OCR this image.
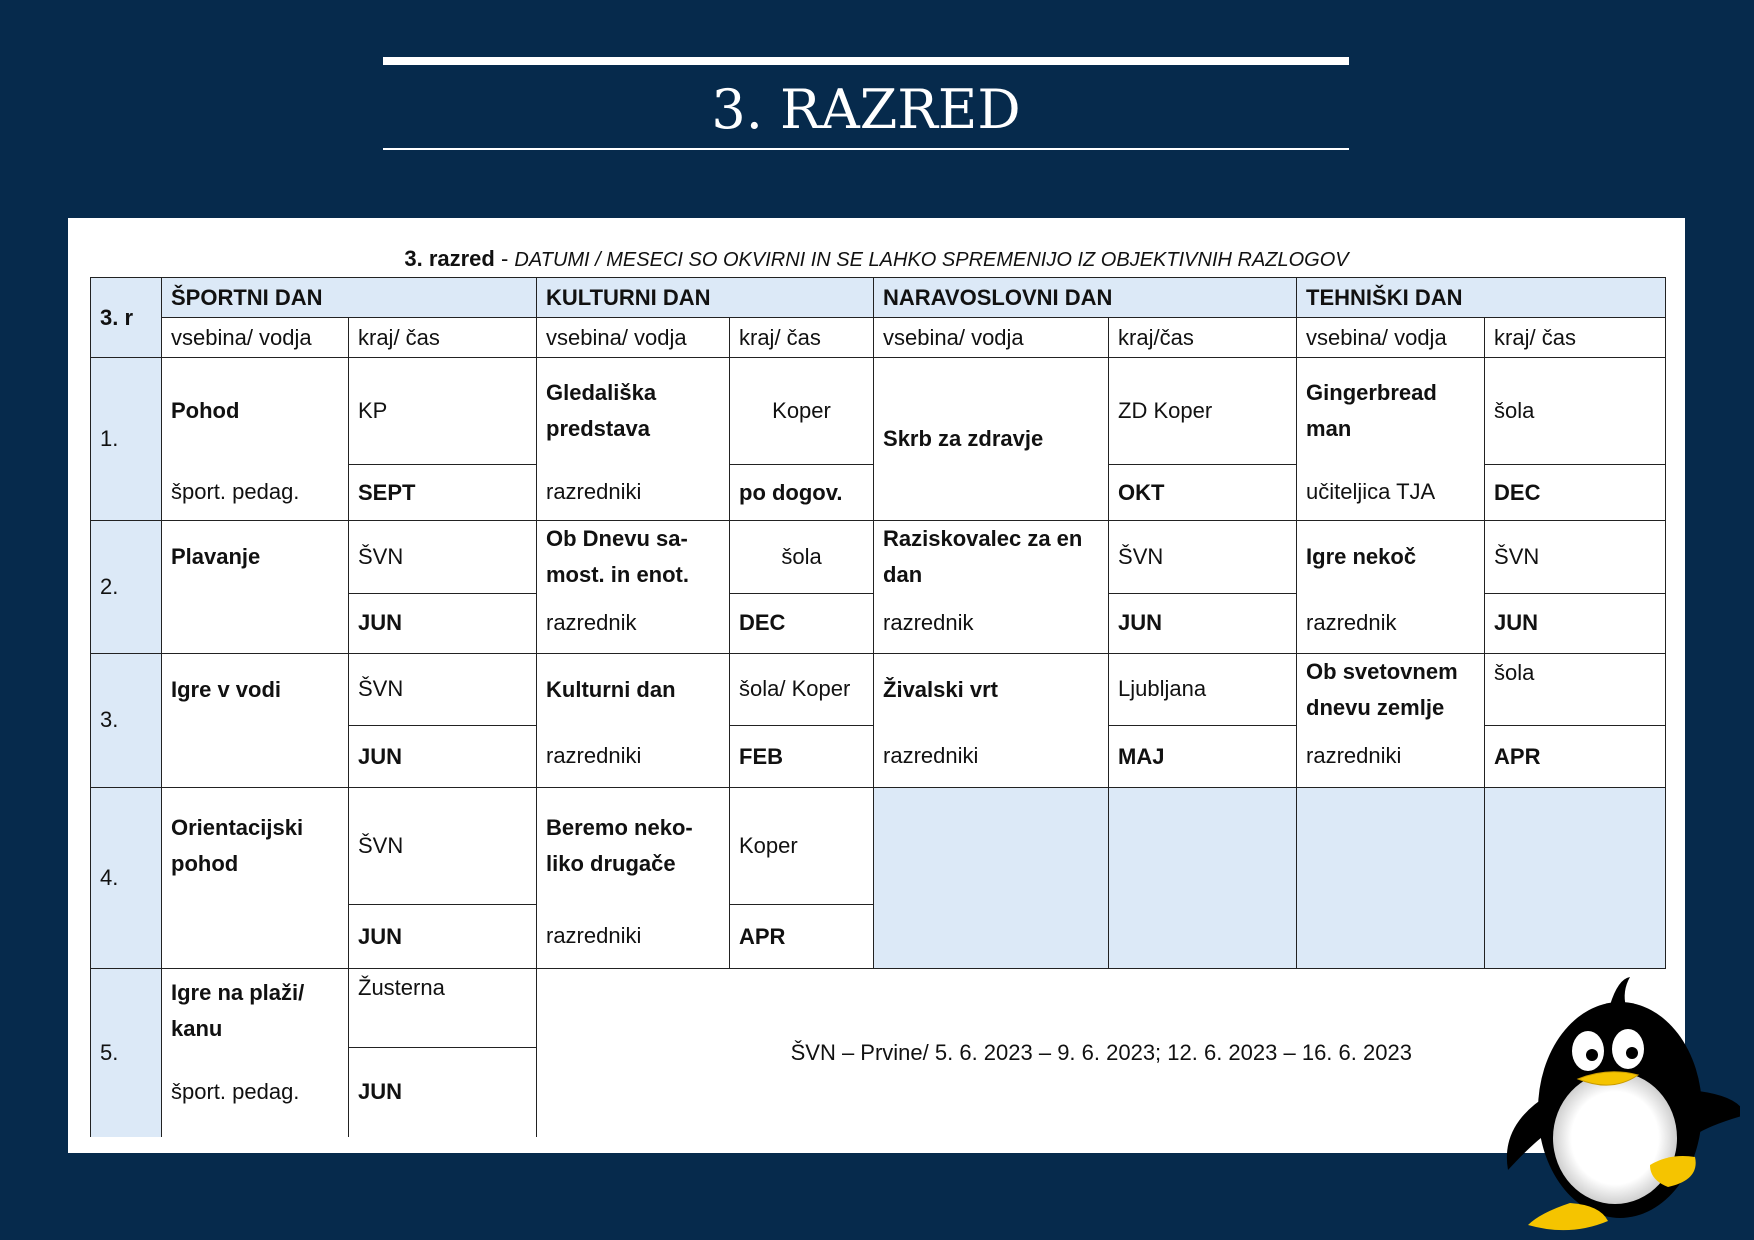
3. RAZRED
3. razred - DATUMI / MESECI SO OKVIRNI IN SE LAHKO SPREMENIJO IZ OBJEKTIVNIH RAZLOGOV
3. r	ŠPORTNI DAN		KULTURNI DAN		NARAVOSLOVNI DAN		TEHNIŠKI DAN	
	vsebina/ vodja	kraj/ čas	vsebina/ vodja	kraj/ čas	vsebina/ vodja	kraj/čas	vsebina/ vodja	kraj/ čas
1.	Pohod	KP	Gledališka predstava	Koper	Skrb za zdravje	ZD Koper	Gingerbread man	šola
	šport. pedag.	SEPT	razredniki	po dogov.		OKT	učiteljica TJA	DEC
2.	Plavanje	ŠVN	Ob Dnevu sa-most. in enot.	šola	Raziskovalec za en dan	ŠVN	Igre nekoč	ŠVN
		JUN	razrednik	DEC	razrednik	JUN	razrednik	JUN
3.	Igre v vodi	ŠVN	Kulturni dan	šola/ Koper	Živalski vrt	Ljubljana	Ob svetovnem dnevu zemlje	šola
		JUN	razredniki	FEB	razredniki	MAJ	razredniki	APR
4.	Orientacijski pohod	ŠVN	Beremo neko-liko drugače	Koper				
		JUN	razredniki	APR				
5.	Igre na plaži/ kanu	Žusterna	ŠVN – Prvine/ 5. 6. 2023 – 9. 6. 2023; 12. 6. 2023 – 16. 6. 2023					
	šport. pedag.	JUN						
